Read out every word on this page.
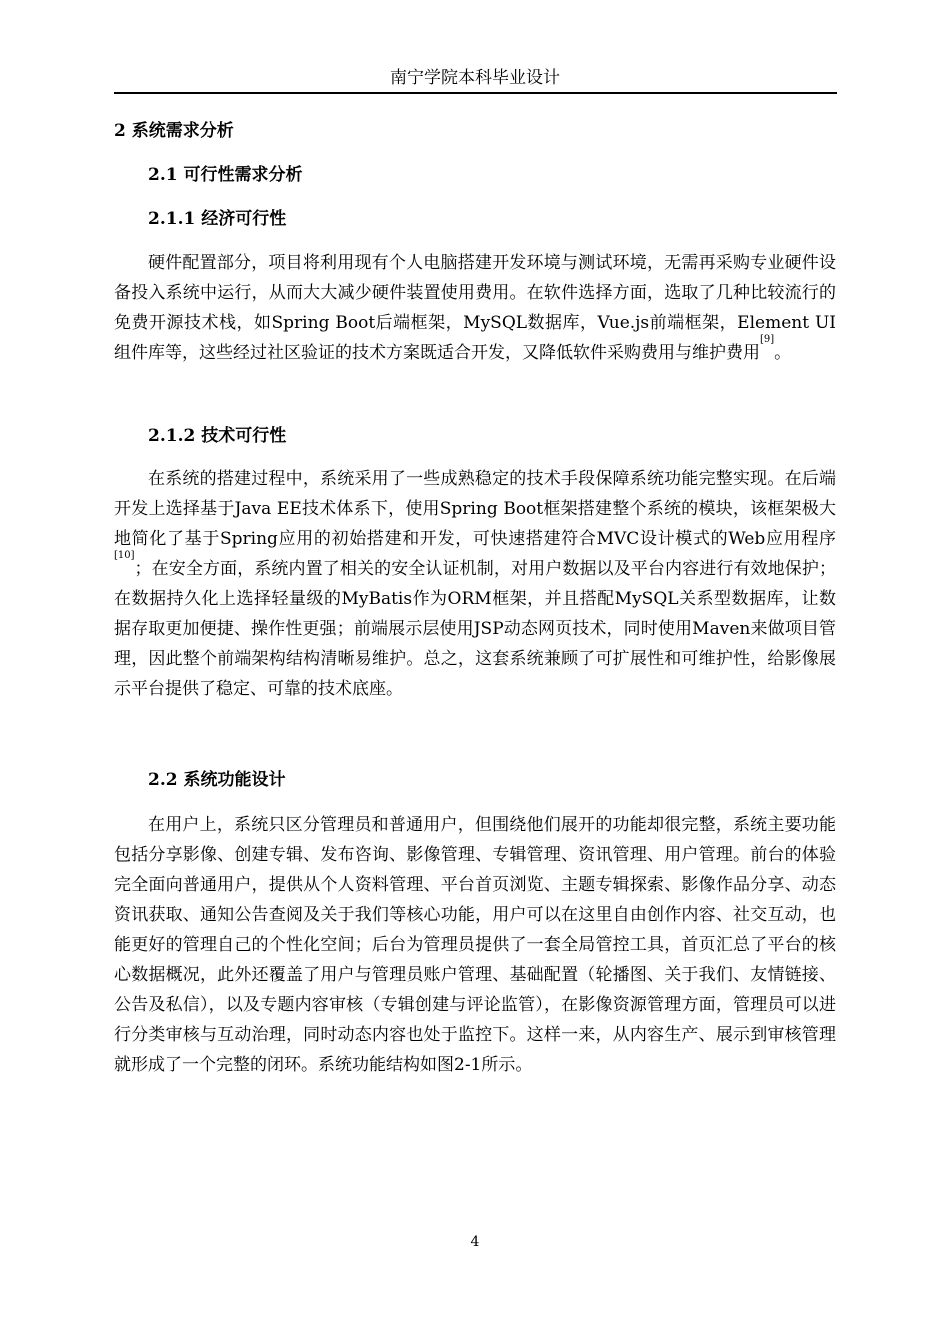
南宁学院本科毕业设计
2 系统需求分析
2.1 可行性需求分析
2.1.1 经济可行性

硬件配置部分，项目将利用现有个人电脑搭建开发环境与测试环境，无需再采购专业硬件设备投入系统中运行，从而大大减少硬件装置使用费用。在软件选择方面，选取了几种比较流行的免费开源技术栈，如Spring Boot后端框架，MySQL数据库，Vue.js前端框架，Element UI组件库等，这些经过社区验证的技术方案既适合开发，又降低软件采购费用与维护费用[9]。

2.1.2 技术可行性

在系统的搭建过程中，系统采用了一些成熟稳定的技术手段保障系统功能完整实现。在后端开发上选择基于Java EE技术体系下，使用Spring Boot框架搭建整个系统的模块，该框架极大地简化了基于Spring应用的初始搭建和开发，可快速搭建符合MVC设计模式的Web应用程序[10]；在安全方面，系统内置了相关的安全认证机制，对用户数据以及平台内容进行有效地保护；在数据持久化上选择轻量级的MyBatis作为ORM框架，并且搭配MySQL关系型数据库，让数据存取更加便捷、操作性更强；前端展示层使用JSP动态网页技术，同时使用Maven来做项目管理，因此整个前端架构结构清晰易维护。总之，这套系统兼顾了可扩展性和可维护性，给影像展示平台提供了稳定、可靠的技术底座。

2.2 系统功能设计

在用户上，系统只区分管理员和普通用户，但围绕他们展开的功能却很完整，系统主要功能包括分享影像、创建专辑、发布咨询、影像管理、专辑管理、资讯管理、用户管理。前台的体验完全面向普通用户，提供从个人资料管理、平台首页浏览、主题专辑探索、影像作品分享、动态资讯获取、通知公告查阅及关于我们等核心功能，用户可以在这里自由创作内容、社交互动，也能更好的管理自己的个性化空间；后台为管理员提供了一套全局管控工具，首页汇总了平台的核心数据概况，此外还覆盖了用户与管理员账户管理、基础配置（轮播图、关于我们、友情链接、公告及私信），以及专题内容审核（专辑创建与评论监管），在影像资源管理方面，管理员可以进行分类审核与互动治理，同时动态内容也处于监控下。这样一来，从内容生产、展示到审核管理就形成了一个完整的闭环。系统功能结构如图2-1所示。

4
